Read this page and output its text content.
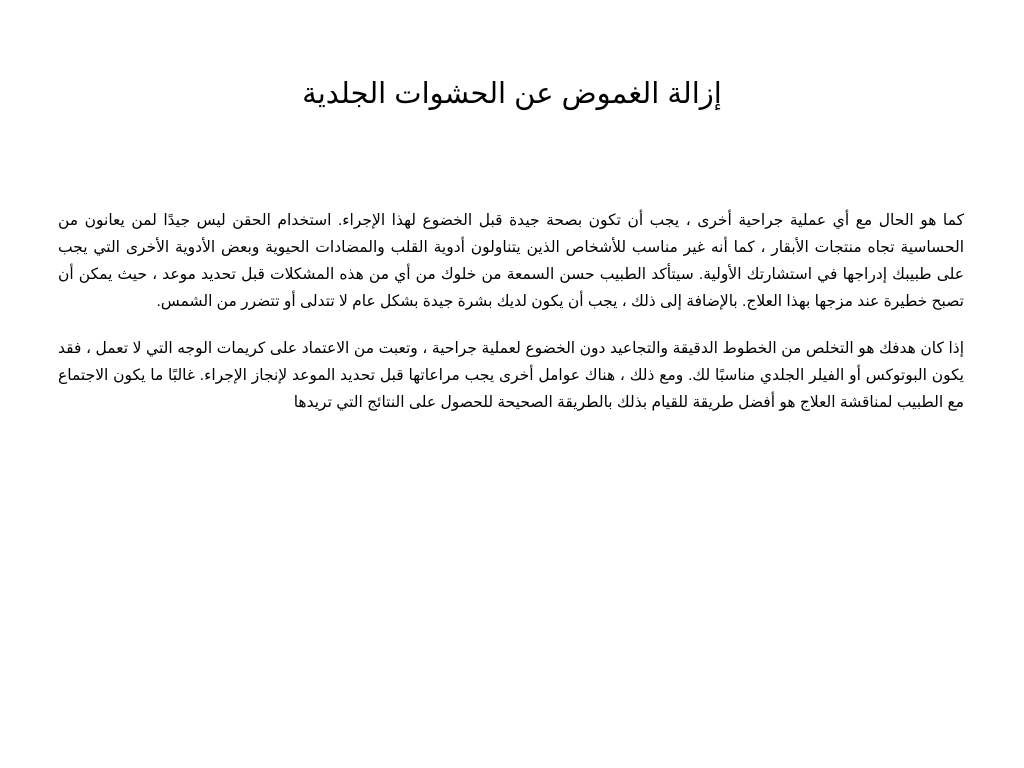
إزالة الغموض عن الحشوات الجلدية

كما هو الحال مع أي عملية جراحية أخرى ، يجب أن تكون بصحة جيدة قبل الخضوع لهذا الإجراء. استخدام الحقن ليس جيدًا لمن يعانون من الحساسية تجاه منتجات الأبقار ، كما أنه غير مناسب للأشخاص الذين يتناولون أدوية القلب والمضادات الحيوية وبعض الأدوية الأخرى التي يجب على طبيبك إدراجها في استشارتك الأولية. سيتأكد الطبيب حسن السمعة من خلوك من أي من هذه المشكلات قبل تحديد موعد ، حيث يمكن أن تصبح خطيرة عند مزجها بهذا العلاج. بالإضافة إلى ذلك ، يجب أن يكون لديك بشرة جيدة بشكل عام لا تتدلى أو تتضرر من الشمس.

إذا كان هدفك هو التخلص من الخطوط الدقيقة والتجاعيد دون الخضوع لعملية جراحية ، وتعبت من الاعتماد على كريمات الوجه التي لا تعمل ، فقد يكون البوتوكس أو الفيلر الجلدي مناسبًا لك. ومع ذلك ، هناك عوامل أخرى يجب مراعاتها قبل تحديد الموعد لإنجاز الإجراء. غالبًا ما يكون الاجتماع مع الطبيب لمناقشة العلاج هو أفضل طريقة للقيام بذلك بالطريقة الصحيحة للحصول على النتائج التي تريدها
